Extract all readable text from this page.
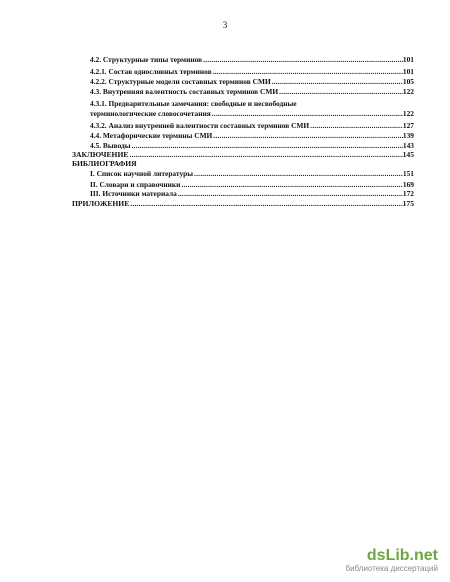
3
4.2. Структурные типы терминов .....	101
4.2.1. Состав однословных терминов .....	101
4.2.2. Структурные модели составных терминов СМИ .....	105
4.3. Внутренняя валентность составных терминов СМИ .....	122
4.3.1. Предварительные замечания: свободные и несвободные
терминологические словосочетания .....	122
4.3.2. Анализ внутренней валентности составных терминов СМИ .....	127
4.4. Метафорические термины СМИ .....	139
4.5. Выводы .....	143
ЗАКЛЮЧЕНИЕ .....	145
БИБЛИОГРАФИЯ
I. Список научной литературы .....	151
II. Словари и справочники .....	169
III. Источники материала .....	172
ПРИЛОЖЕНИЕ .....	175
dsLib.net
библиотека диссертаций
